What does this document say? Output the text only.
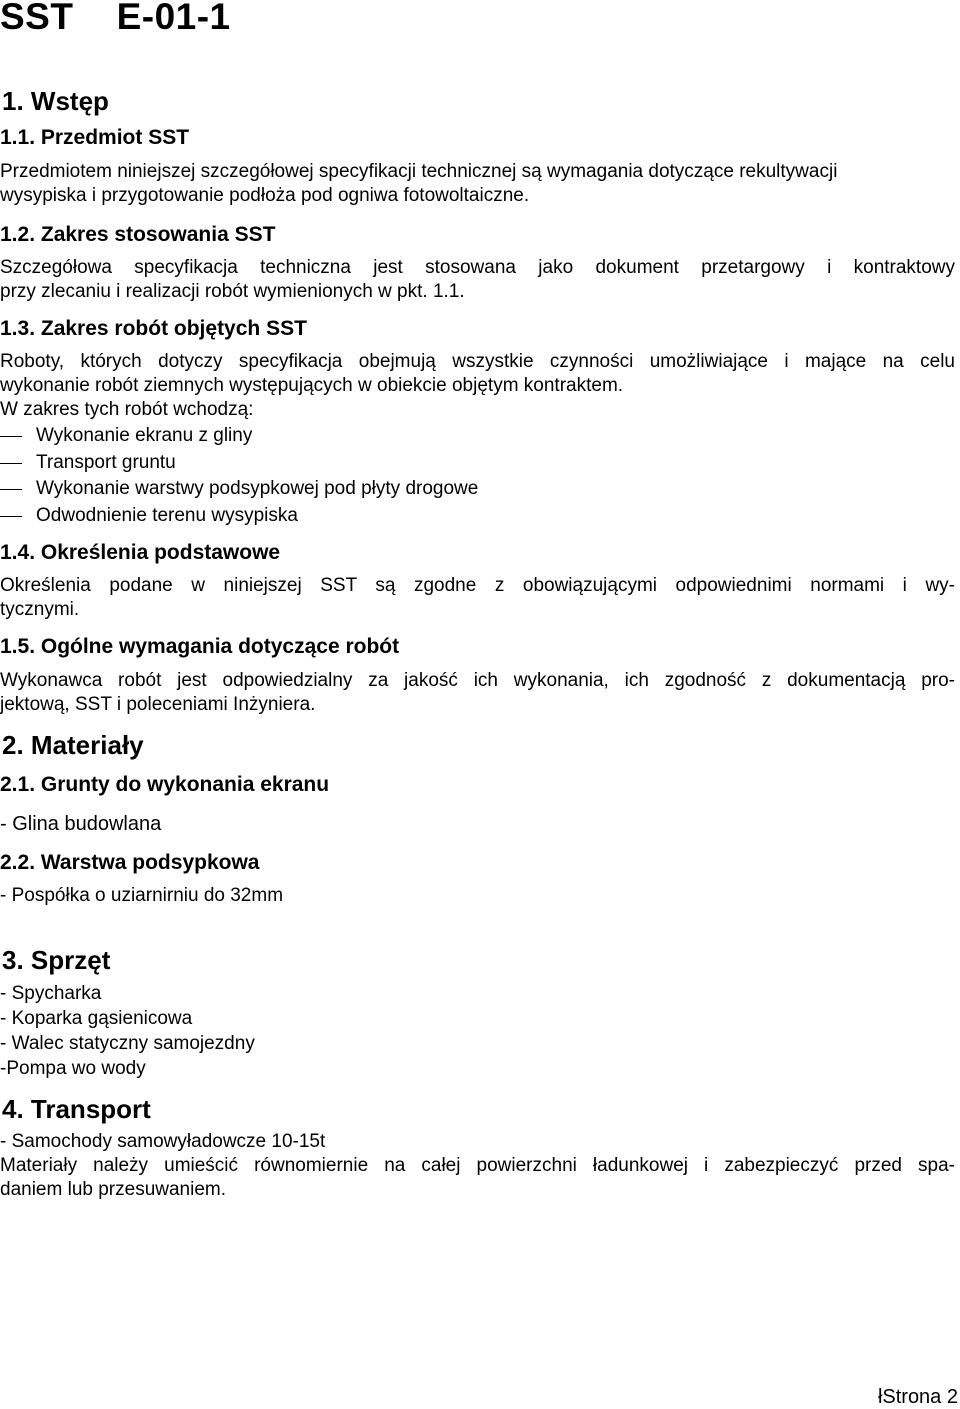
SST    E-01-1
1. Wstęp
1.1. Przedmiot SST

Przedmiotem niniejszej szczegółowej specyfikacji technicznej są wymagania dotyczące rekultywacji
wysypiska i przygotowanie podłoża pod ogniwa fotowoltaiczne.

1.2. Zakres stosowania SST

Szczegółowa specyfikacja techniczna jest stosowana jako dokument przetargowy i kontraktowy
przy zlecaniu i realizacji robót wymienionych w pkt. 1.1.

1.3. Zakres robót objętych SST

Roboty, których dotyczy specyfikacja obejmują wszystkie czynności umożliwiające i mające na celu
wykonanie robót ziemnych występujących w obiekcie objętym kontraktem.
W zakres tych robót wchodzą:

Wykonanie ekranu z gliny
Transport gruntu
Wykonanie warstwy podsypkowej pod płyty drogowe
Odwodnienie terenu wysypiska
1.4. Określenia podstawowe

Określenia podane w niniejszej SST są zgodne z obowiązującymi odpowiednimi normami i wy-
tycznymi.

1.5. Ogólne wymagania dotyczące robót

Wykonawca robót jest odpowiedzialny za jakość ich wykonania, ich zgodność z dokumentacją pro-
jektową, SST i poleceniami Inżyniera.

2. Materiały
2.1. Grunty do wykonania ekranu
- Glina budowlana
2.2. Warstwa podsypkowa
- Pospółka o uziarnirniu do 32mm
3. Sprzęt
- Spycharka
- Koparka gąsienicowa
- Walec statyczny samojezdny
-Pompa wo wody
4. Transport

- Samochody samowyładowcze 10-15t
Materiały należy umieścić równomiernie na całej powierzchni ładunkowej i zabezpieczyć przed spa-
daniem lub przesuwaniem.

łStrona 2
